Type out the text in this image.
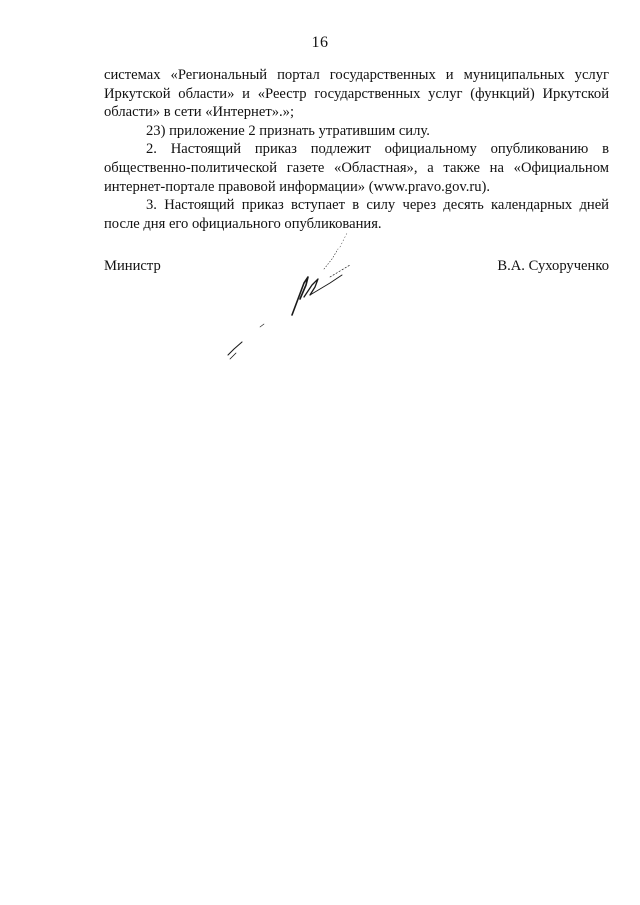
16

системах «Региональный портал государственных и муниципальных услуг Иркутской области» и «Реестр государственных услуг (функций) Иркутской области» в сети «Интернет».»;

23) приложение 2 признать утратившим силу.

2. Настоящий приказ подлежит официальному опубликованию в общественно-политической газете «Областная», а также на «Официальном интернет-портале правовой информации» (www.pravo.gov.ru).

3. Настоящий приказ вступает в силу через десять календарных дней после дня его официального опубликования.

Министр	В.А. Сухорученко
